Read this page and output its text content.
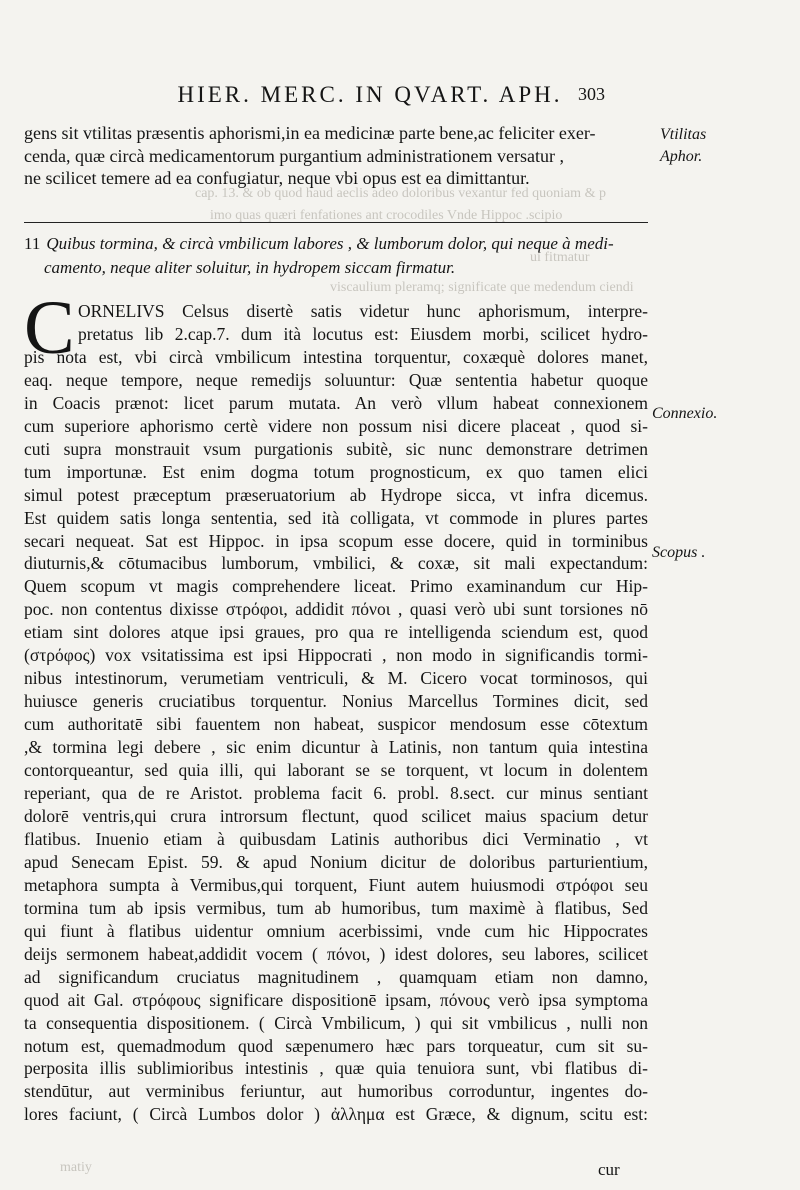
HIER. MERC. IN QVART. APH. 303
cap. 13. & ob quod haud aeclis adeo doloribus vexantur fed quoniam & p
imo quas quæri fenfationes ant crocodiles Vnde Hippoc .scipio
ui fitmatur
viscaulium pleramq; significate que medendum ciendi
matiy
gens sit vtilitas præsentis aphorismi,in ea medicinæ parte bene,ac feliciter exer-
cenda, quæ circà medicamentorum purgantium administrationem versatur ,
ne scilicet temere ad ea confugiatur, neque vbi opus est ea dimittantur.
11 Quibus tormina, & circà vmbilicum labores , & lumborum dolor, qui neque à medi-
camento, neque aliter soluitur, in hydropem siccam firmatur.
C ORNELIVS Celsus disertè satis videtur hunc aphorismum, interpre-
pretatus lib 2.cap.7. dum ità locutus est: Eiusdem morbi, scilicet hydro-
pis nota est, vbi circà vmbilicum intestina torquentur, coxæquè dolores manet,
eaq. neque tempore, neque remedijs soluuntur: Quæ sententia habetur quoque
in Coacis prænot: licet parum mutata. An verò vllum habeat connexionem
cum superiore aphorismo certè videre non possum nisi dicere placeat , quod si-
cuti supra monstrauit vsum purgationis subitè, sic nunc demonstrare detrimen
tum importunæ. Est enim dogma totum prognosticum, ex quo tamen elici
simul potest præceptum præseruatorium ab Hydrope sicca, vt infra dicemus.
Est quidem satis longa sententia, sed ità colligata, vt commode in plures partes
secari nequeat. Sat est Hippoc. in ipsa scopum esse docere, quid in torminibus
diuturnis,& cōtumacibus lumborum, vmbilici, & coxæ, sit mali expectandum:
Quem scopum vt magis comprehendere liceat. Primo examinandum cur Hip-
poc. non contentus dixisse στρόφοι, addidit πόνοι , quasi verò ubi sunt torsiones nō
etiam sint dolores atque ipsi graues, pro qua re intelligenda sciendum est, quod
(στρόφος) vox vsitatissima est ipsi Hippocrati , non modo in significandis tormi-
nibus intestinorum, verumetiam ventriculi, & M. Cicero vocat torminosos, qui
huiusce generis cruciatibus torquentur. Nonius Marcellus Tormines dicit, sed
cum authoritatē sibi fauentem non habeat, suspicor mendosum esse cōtextum
,& tormina legi debere , sic enim dicuntur à Latinis, non tantum quia intestina
contorqueantur, sed quia illi, qui laborant se se torquent, vt locum in dolentem
reperiant, qua de re Aristot. problema facit 6. probl. 8.sect. cur minus sentiant
dolorē ventris,qui crura introrsum flectunt, quod scilicet maius spacium detur
flatibus. Inuenio etiam à quibusdam Latinis authoribus dici Verminatio , vt
apud Senecam Epist. 59. & apud Nonium dicitur de doloribus parturientium,
metaphora sumpta à Vermibus,qui torquent, Fiunt autem huiusmodi στρόφοι seu
tormina tum ab ipsis vermibus, tum ab humoribus, tum maximè à flatibus, Sed
qui fiunt à flatibus uidentur omnium acerbissimi, vnde cum hic Hippocrates
deijs sermonem habeat,addidit vocem ( πόνοι, ) idest dolores, seu labores, scilicet
ad significandum cruciatus magnitudinem , quamquam etiam non damno,
quod ait Gal. στρόφους significare dispositionē ipsam, πόνους verò ipsa symptoma
ta consequentia dispositionem. ( Circà Vmbilicum, ) qui sit vmbilicus , nulli non
notum est, quemadmodum quod sæpenumero hæc pars torqueatur, cum sit su-
perposita illis sublimioribus intestinis , quæ quia tenuiora sunt, vbi flatibus di-
stendūtur, aut verminibus feriuntur, aut humoribus corroduntur, ingentes do-
lores faciunt, ( Circà Lumbos dolor ) ἀλλημα est Græce, & dignum, scitu est:
cur
Vtilitas
Aphor.
Connexio.
Scopus .
